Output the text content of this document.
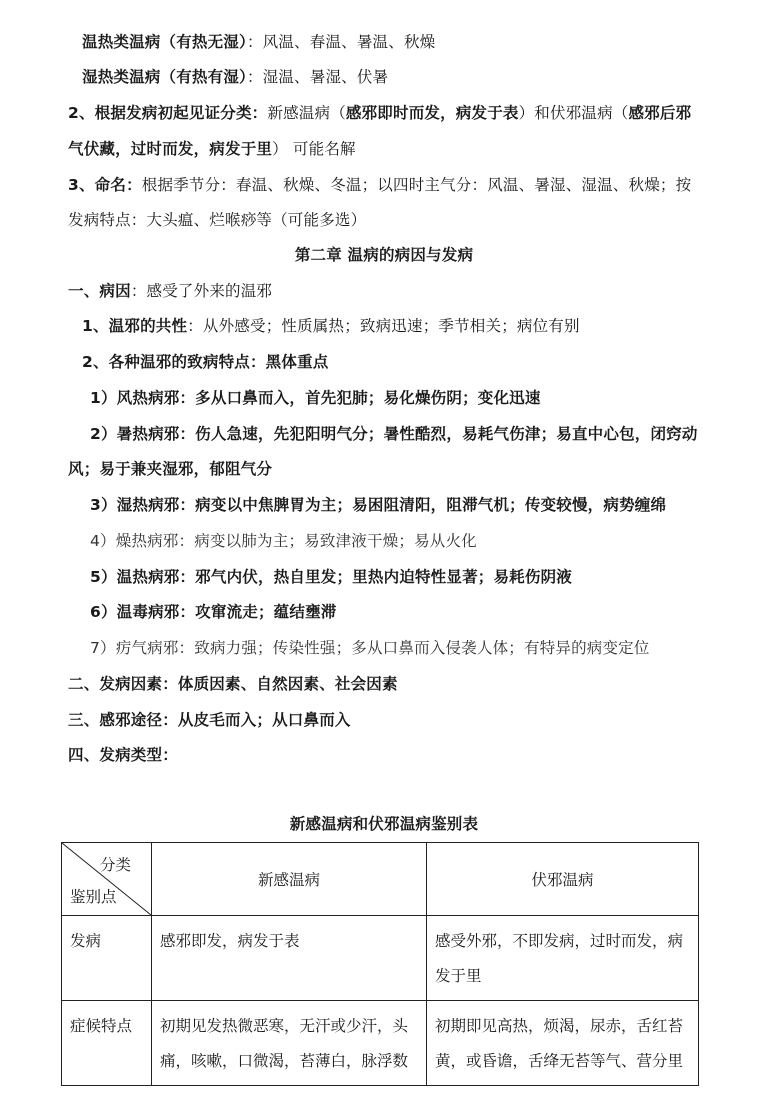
温热类温病（有热无湿）：风温、春温、暑温、秋燥
湿热类温病（有热有湿）：湿温、暑湿、伏暑
2、根据发病初起见证分类：新感温病（感邪即时而发，病发于表）和伏邪温病（感邪后邪
气伏藏，过时而发，病发于里） 可能名解
3、命名：根据季节分：春温、秋燥、冬温；以四时主气分：风温、暑湿、湿温、秋燥；按
发病特点：大头瘟、烂喉痧等（可能多选）
第二章 温病的病因与发病
一、病因：感受了外来的温邪
1、温邪的共性：从外感受；性质属热；致病迅速；季节相关；病位有别
2、各种温邪的致病特点：黑体重点
1）风热病邪：多从口鼻而入，首先犯肺；易化燥伤阴；变化迅速
2）暑热病邪：伤人急速，先犯阳明气分；暑性酷烈，易耗气伤津；易直中心包，闭窍动
风；易于兼夹湿邪，郁阻气分
3）湿热病邪：病变以中焦脾胃为主；易困阻清阳，阻滞气机；传变较慢，病势缠绵
4）燥热病邪：病变以肺为主；易致津液干燥；易从火化
5）温热病邪：邪气内伏，热自里发；里热内迫特性显著；易耗伤阴液
6）温毒病邪：攻窜流走；蕴结壅滞
7）疠气病邪：致病力强；传染性强；多从口鼻而入侵袭人体；有特异的病变定位
二、发病因素：体质因素、自然因素、社会因素
三、感邪途径：从皮毛而入；从口鼻而入
四、发病类型：
新感温病和伏邪温病鉴别表
分类
鉴别点	新感温病	伏邪温病

发病	感邪即发，病发于表	感受外邪，不即发病，过时而发，病发于里

症候特点	初期见发热微恶寒，无汗或少汗，头痛，咳嗽，口微渴，苔薄白，脉浮数	初期即见高热，烦渴，尿赤，舌红苔黄，或昏谵，舌绛无苔等气、营分里
